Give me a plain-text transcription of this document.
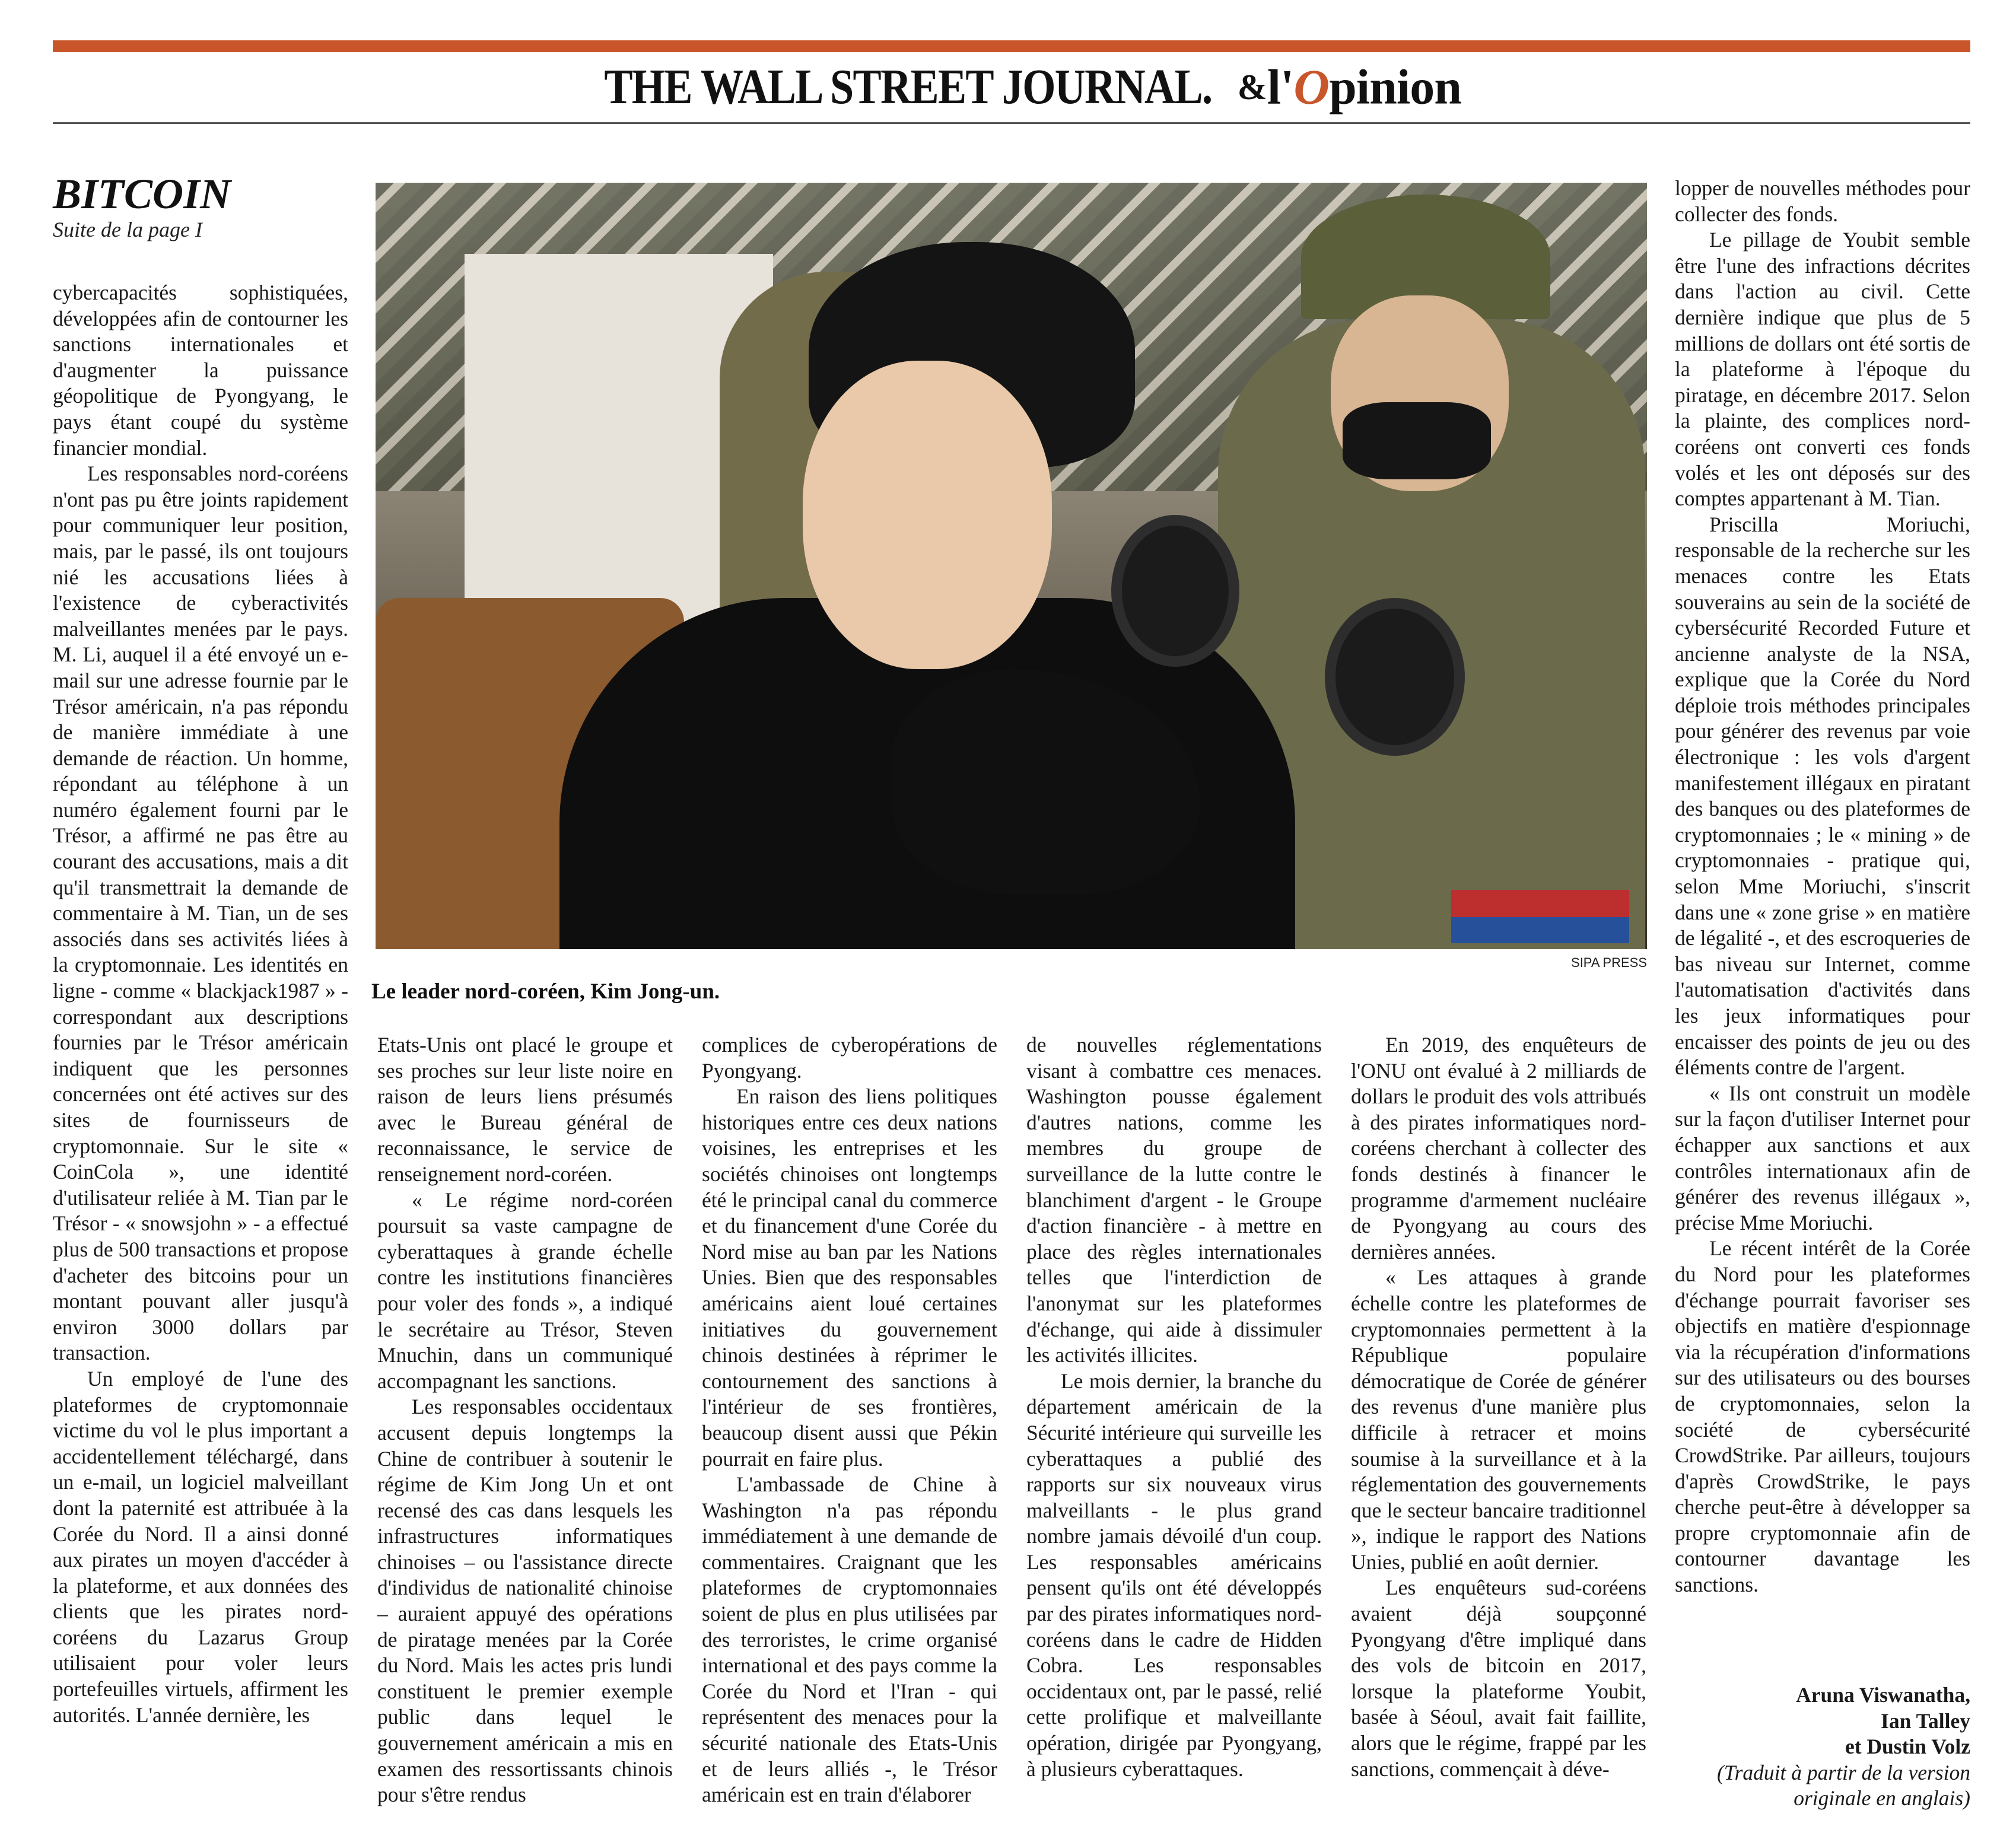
THE WALL STREET JOURNAL. &l'Opinion
BITCOIN
Suite de la page I

cybercapacités sophistiquées, développées afin de contourner les sanctions internationales et d'augmenter la puissance géopolitique de Pyongyang, le pays étant coupé du système financier mondial.

Les responsables nord-coréens n'ont pas pu être joints rapidement pour communiquer leur position, mais, par le passé, ils ont toujours nié les accusations liées à l'existence de cyberactivités malveillantes menées par le pays. M. Li, auquel il a été envoyé un e-mail sur une adresse fournie par le Trésor américain, n'a pas répondu de manière immédiate à une demande de réaction. Un homme, répondant au téléphone à un numéro également fourni par le Trésor, a affirmé ne pas être au courant des accusations, mais a dit qu'il transmettrait la demande de commentaire à M. Tian, un de ses associés dans ses activités liées à la cryptomonnaie. Les identités en ligne - comme « blackjack1987 » - correspondant aux descriptions fournies par le Trésor américain indiquent que les personnes concernées ont été actives sur des sites de fournisseurs de cryptomonnaie. Sur le site « CoinCola », une identité d'utilisateur reliée à M. Tian par le Trésor - « snowsjohn » - a effectué plus de 500 transactions et propose d'acheter des bitcoins pour un montant pouvant aller jusqu'à environ 3000 dollars par transaction.

Un employé de l'une des plateformes de cryptomonnaie victime du vol le plus important a accidentellement téléchargé, dans un e-mail, un logiciel malveillant dont la paternité est attribuée à la Corée du Nord. Il a ainsi donné aux pirates un moyen d'accéder à la plateforme, et aux données des clients que les pirates nord-coréens du Lazarus Group utilisaient pour voler leurs portefeuilles virtuels, affirment les autorités. L'année dernière, les

SIPA PRESS
Le leader nord-coréen, Kim Jong-un.

Etats-Unis ont placé le groupe et ses proches sur leur liste noire en raison de leurs liens présumés avec le Bureau général de reconnaissance, le service de renseignement nord-coréen.

« Le régime nord-coréen poursuit sa vaste campagne de cyberattaques à grande échelle contre les institutions financières pour voler des fonds », a indiqué le secrétaire au Trésor, Steven Mnuchin, dans un communiqué accompagnant les sanctions.

Les responsables occidentaux accusent depuis longtemps la Chine de contribuer à soutenir le régime de Kim Jong Un et ont recensé des cas dans lesquels les infrastructures informatiques chinoises – ou l'assistance directe d'individus de nationalité chinoise – auraient appuyé des opérations de piratage menées par la Corée du Nord. Mais les actes pris lundi constituent le premier exemple public dans lequel le gouvernement américain a mis en examen des ressortissants chinois pour s'être rendus

complices de cyberopérations de Pyongyang.

En raison des liens politiques historiques entre ces deux nations voisines, les entreprises et les sociétés chinoises ont longtemps été le principal canal du commerce et du financement d'une Corée du Nord mise au ban par les Nations Unies. Bien que des responsables américains aient loué certaines initiatives du gouvernement chinois destinées à réprimer le contournement des sanctions à l'intérieur de ses frontières, beaucoup disent aussi que Pékin pourrait en faire plus.

L'ambassade de Chine à Washington n'a pas répondu immédiatement à une demande de commentaires. Craignant que les plateformes de cryptomonnaies soient de plus en plus utilisées par des terroristes, le crime organisé international et des pays comme la Corée du Nord et l'Iran - qui représentent des menaces pour la sécurité nationale des Etats-Unis et de leurs alliés -, le Trésor américain est en train d'élaborer

de nouvelles réglementations visant à combattre ces menaces. Washington pousse également d'autres nations, comme les membres du groupe de surveillance de la lutte contre le blanchiment d'argent - le Groupe d'action financière - à mettre en place des règles internationales telles que l'interdiction de l'anonymat sur les plateformes d'échange, qui aide à dissimuler les activités illicites.

Le mois dernier, la branche du département américain de la Sécurité intérieure qui surveille les cyberattaques a publié des rapports sur six nouveaux virus malveillants - le plus grand nombre jamais dévoilé d'un coup. Les responsables américains pensent qu'ils ont été développés par des pirates informatiques nord-coréens dans le cadre de Hidden Cobra. Les responsables occidentaux ont, par le passé, relié cette prolifique et malveillante opération, dirigée par Pyongyang, à plusieurs cyberattaques.

En 2019, des enquêteurs de l'ONU ont évalué à 2 milliards de dollars le produit des vols attribués à des pirates informatiques nord-coréens cherchant à collecter des fonds destinés à financer le programme d'armement nucléaire de Pyongyang au cours des dernières années.

« Les attaques à grande échelle contre les plateformes de cryptomonnaies permettent à la République populaire démocratique de Corée de générer des revenus d'une manière plus difficile à retracer et moins soumise à la surveillance et à la réglementation des gouvernements que le secteur bancaire traditionnel », indique le rapport des Nations Unies, publié en août dernier.

Les enquêteurs sud-coréens avaient déjà soupçonné Pyongyang d'être impliqué dans des vols de bitcoin en 2017, lorsque la plateforme Youbit, basée à Séoul, avait fait faillite, alors que le régime, frappé par les sanctions, commençait à déve-

lopper de nouvelles méthodes pour collecter des fonds.

Le pillage de Youbit semble être l'une des infractions décrites dans l'action au civil. Cette dernière indique que plus de 5 millions de dollars ont été sortis de la plateforme à l'époque du piratage, en décembre 2017. Selon la plainte, des complices nord-coréens ont converti ces fonds volés et les ont déposés sur des comptes appartenant à M. Tian.

Priscilla Moriuchi, responsable de la recherche sur les menaces contre les Etats souverains au sein de la société de cybersécurité Recorded Future et ancienne analyste de la NSA, explique que la Corée du Nord déploie trois méthodes principales pour générer des revenus par voie électronique : les vols d'argent manifestement illégaux en piratant des banques ou des plateformes de cryptomonnaies ; le « mining » de cryptomonnaies - pratique qui, selon Mme Moriuchi, s'inscrit dans une « zone grise » en matière de légalité -, et des escroqueries de bas niveau sur Internet, comme l'automatisation d'activités dans les jeux informatiques pour encaisser des points de jeu ou des éléments contre de l'argent.

« Ils ont construit un modèle sur la façon d'utiliser Internet pour échapper aux sanctions et aux contrôles internationaux afin de générer des revenus illégaux », précise Mme Moriuchi.

Le récent intérêt de la Corée du Nord pour les plateformes d'échange pourrait favoriser ses objectifs en matière d'espionnage via la récupération d'informations sur des utilisateurs ou des bourses de cryptomonnaies, selon la société de cybersécurité CrowdStrike. Par ailleurs, toujours d'après CrowdStrike, le pays cherche peut-être à développer sa propre cryptomonnaie afin de contourner davantage les sanctions.

Aruna Viswanatha,
Ian Talley
et Dustin Volz
(Traduit à partir de la version originale en anglais)
